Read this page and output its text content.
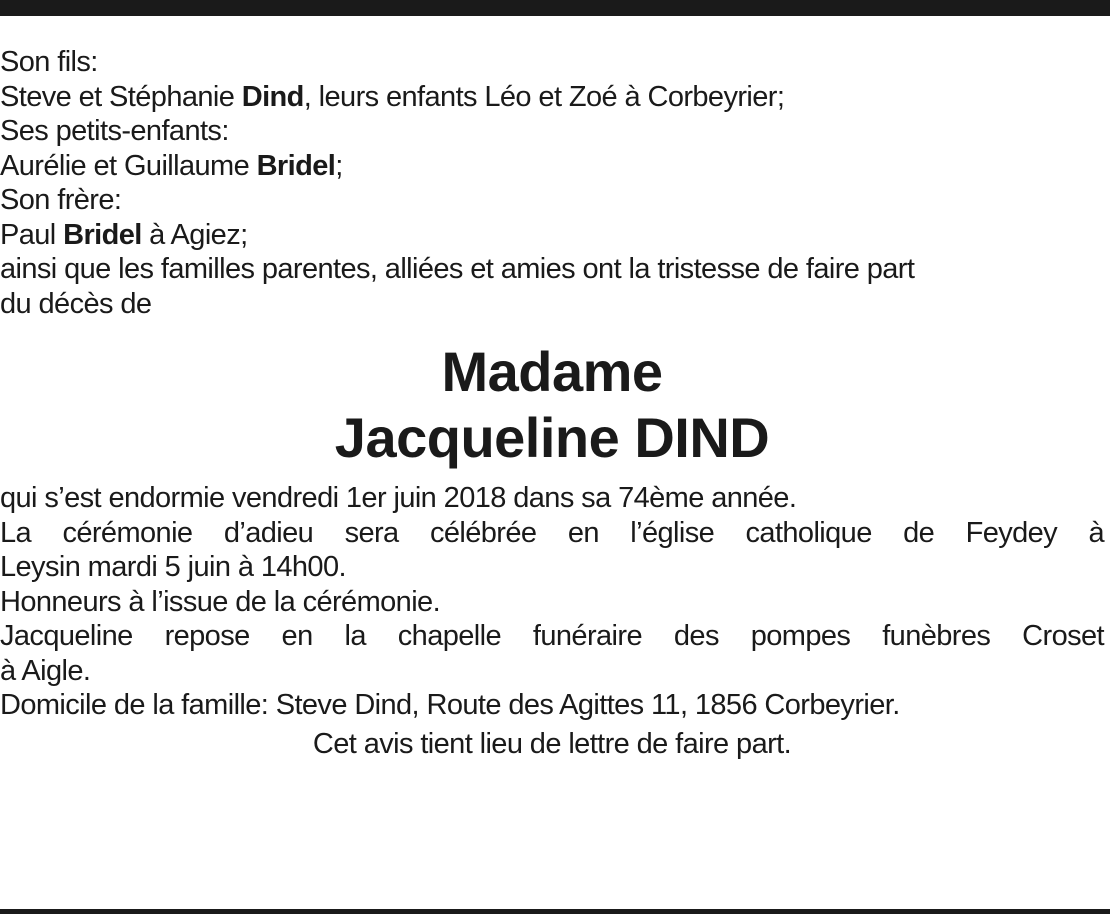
Son fils:
Steve et Stéphanie Dind, leurs enfants Léo et Zoé à Corbeyrier;
Ses petits-enfants:
Aurélie et Guillaume Bridel;
Son frère:
Paul Bridel à Agiez;
ainsi que les familles parentes, alliées et amies ont la tristesse de faire part
du décès de
Madame
Jacqueline DIND
qui s’est endormie vendredi 1er juin 2018 dans sa 74ème année.
La cérémonie d’adieu sera célébrée en l’église catholique de Feydey à
Leysin mardi 5 juin à 14h00.
Honneurs à l’issue de la cérémonie.
Jacqueline repose en la chapelle funéraire des pompes funèbres Croset
à Aigle.
Domicile de la famille: Steve Dind, Route des Agittes 11, 1856 Corbeyrier.
Cet avis tient lieu de lettre de faire part.
